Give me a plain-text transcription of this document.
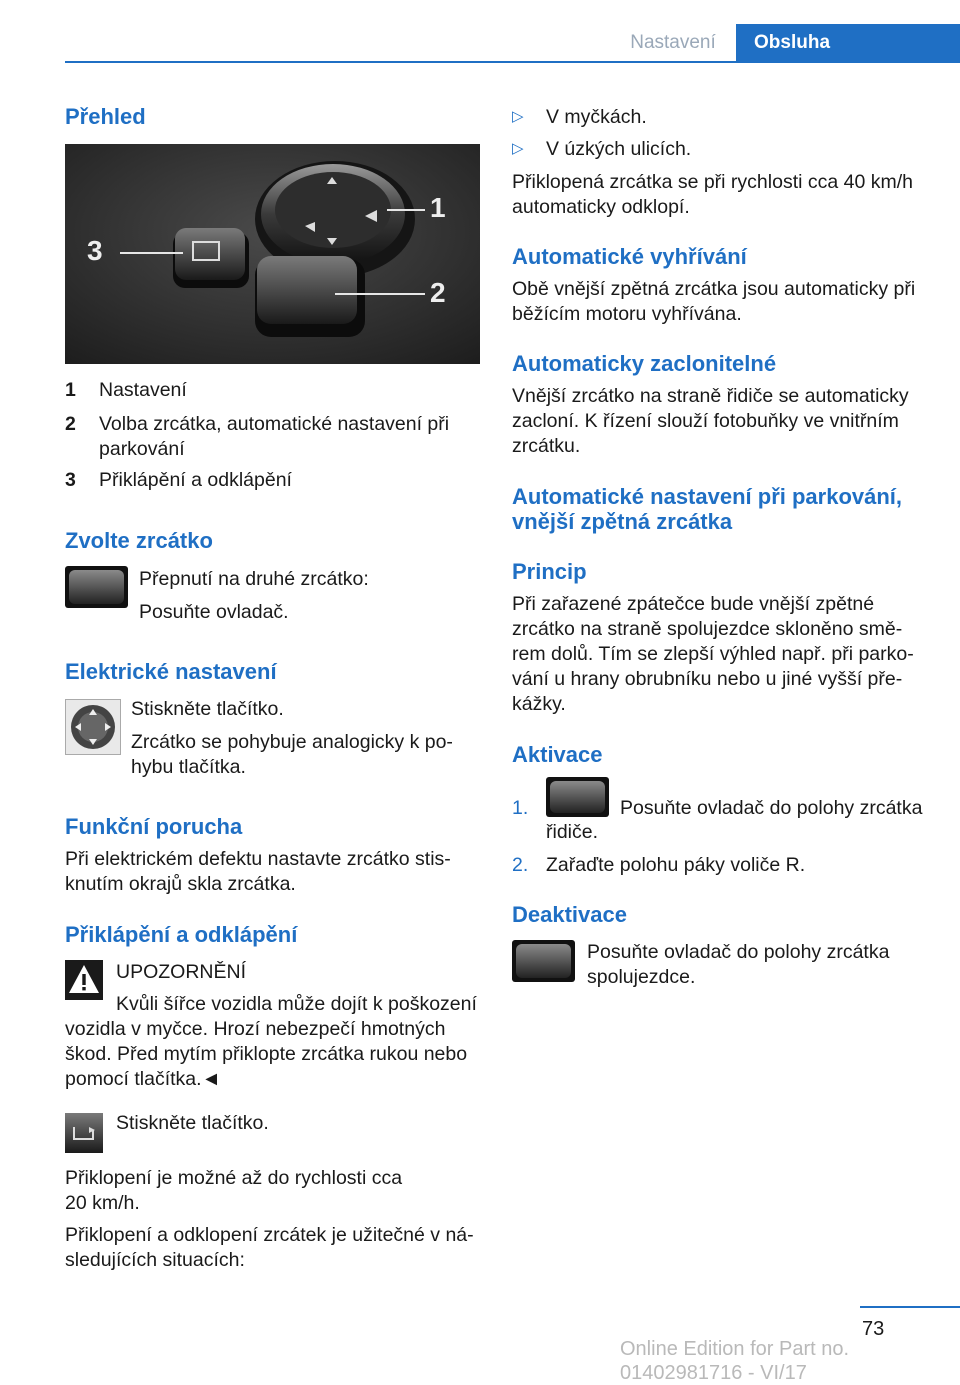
Nastavení	Obsluha
Přehled
1
2
3
1 Nastavení
2 Volba zrcátka, automatické nastavení při
parkování
3 Přiklápění a odklápění
Zvolte zrcátko

Přepnutí na druhé zrcátko:

Posuňte ovladač.

Elektrické nastavení

Stiskněte tlačítko.

Zrcátko se pohybuje analogicky k po-

hybu tlačítka.

Funkční porucha

Při elektrickém defektu nastavte zrcátko stis-

knutím okrajů skla zrcátka.

Přiklápění a odklápění

UPOZORNĚNÍ

Kvůli šířce vozidla může dojít k poškození

vozidla v myčce. Hrozí nebezpečí hmotných

škod. Před mytím přiklopte zrcátka rukou nebo

pomocí tlačítka.◄

Stiskněte tlačítko.

Přiklopení je možné až do rychlosti cca

20 km/h.

Přiklopení a odklopení zrcátek je užitečné v ná-

sledujících situacích:

▷ V myčkách.

▷ V úzkých ulicích.

Přiklopená zrcátka se při rychlosti cca 40 km/h

automaticky odklopí.

Automatické vyhřívání

Obě vnější zpětná zrcátka jsou automaticky při

běžícím motoru vyhřívána.

Automaticky zaclonitelné

Vnější zrcátko na straně řidiče se automaticky

zacloní. K řízení slouží fotobuňky ve vnitřním

zrcátku.

Automatické nastavení při parkování,
vnější zpětná zrcátka
Princip

Při zařazené zpátečce bude vnější zpětné

zrcátko na straně spolujezdce skloněno smě-

rem dolů. Tím se zlepší výhled např. při parko-

vání u hrany obrubníku nebo u jiné vyšší pře-

kážky.

Aktivace
1.	Posuňte ovladač do polohy zrcátka

řidiče.

2. Zařaďte polohu páky voliče R.

Deaktivace

Posuňte ovladač do polohy zrcátka

spolujezdce.

73
Online Edition for Part no. 01402981716 - VI/17
